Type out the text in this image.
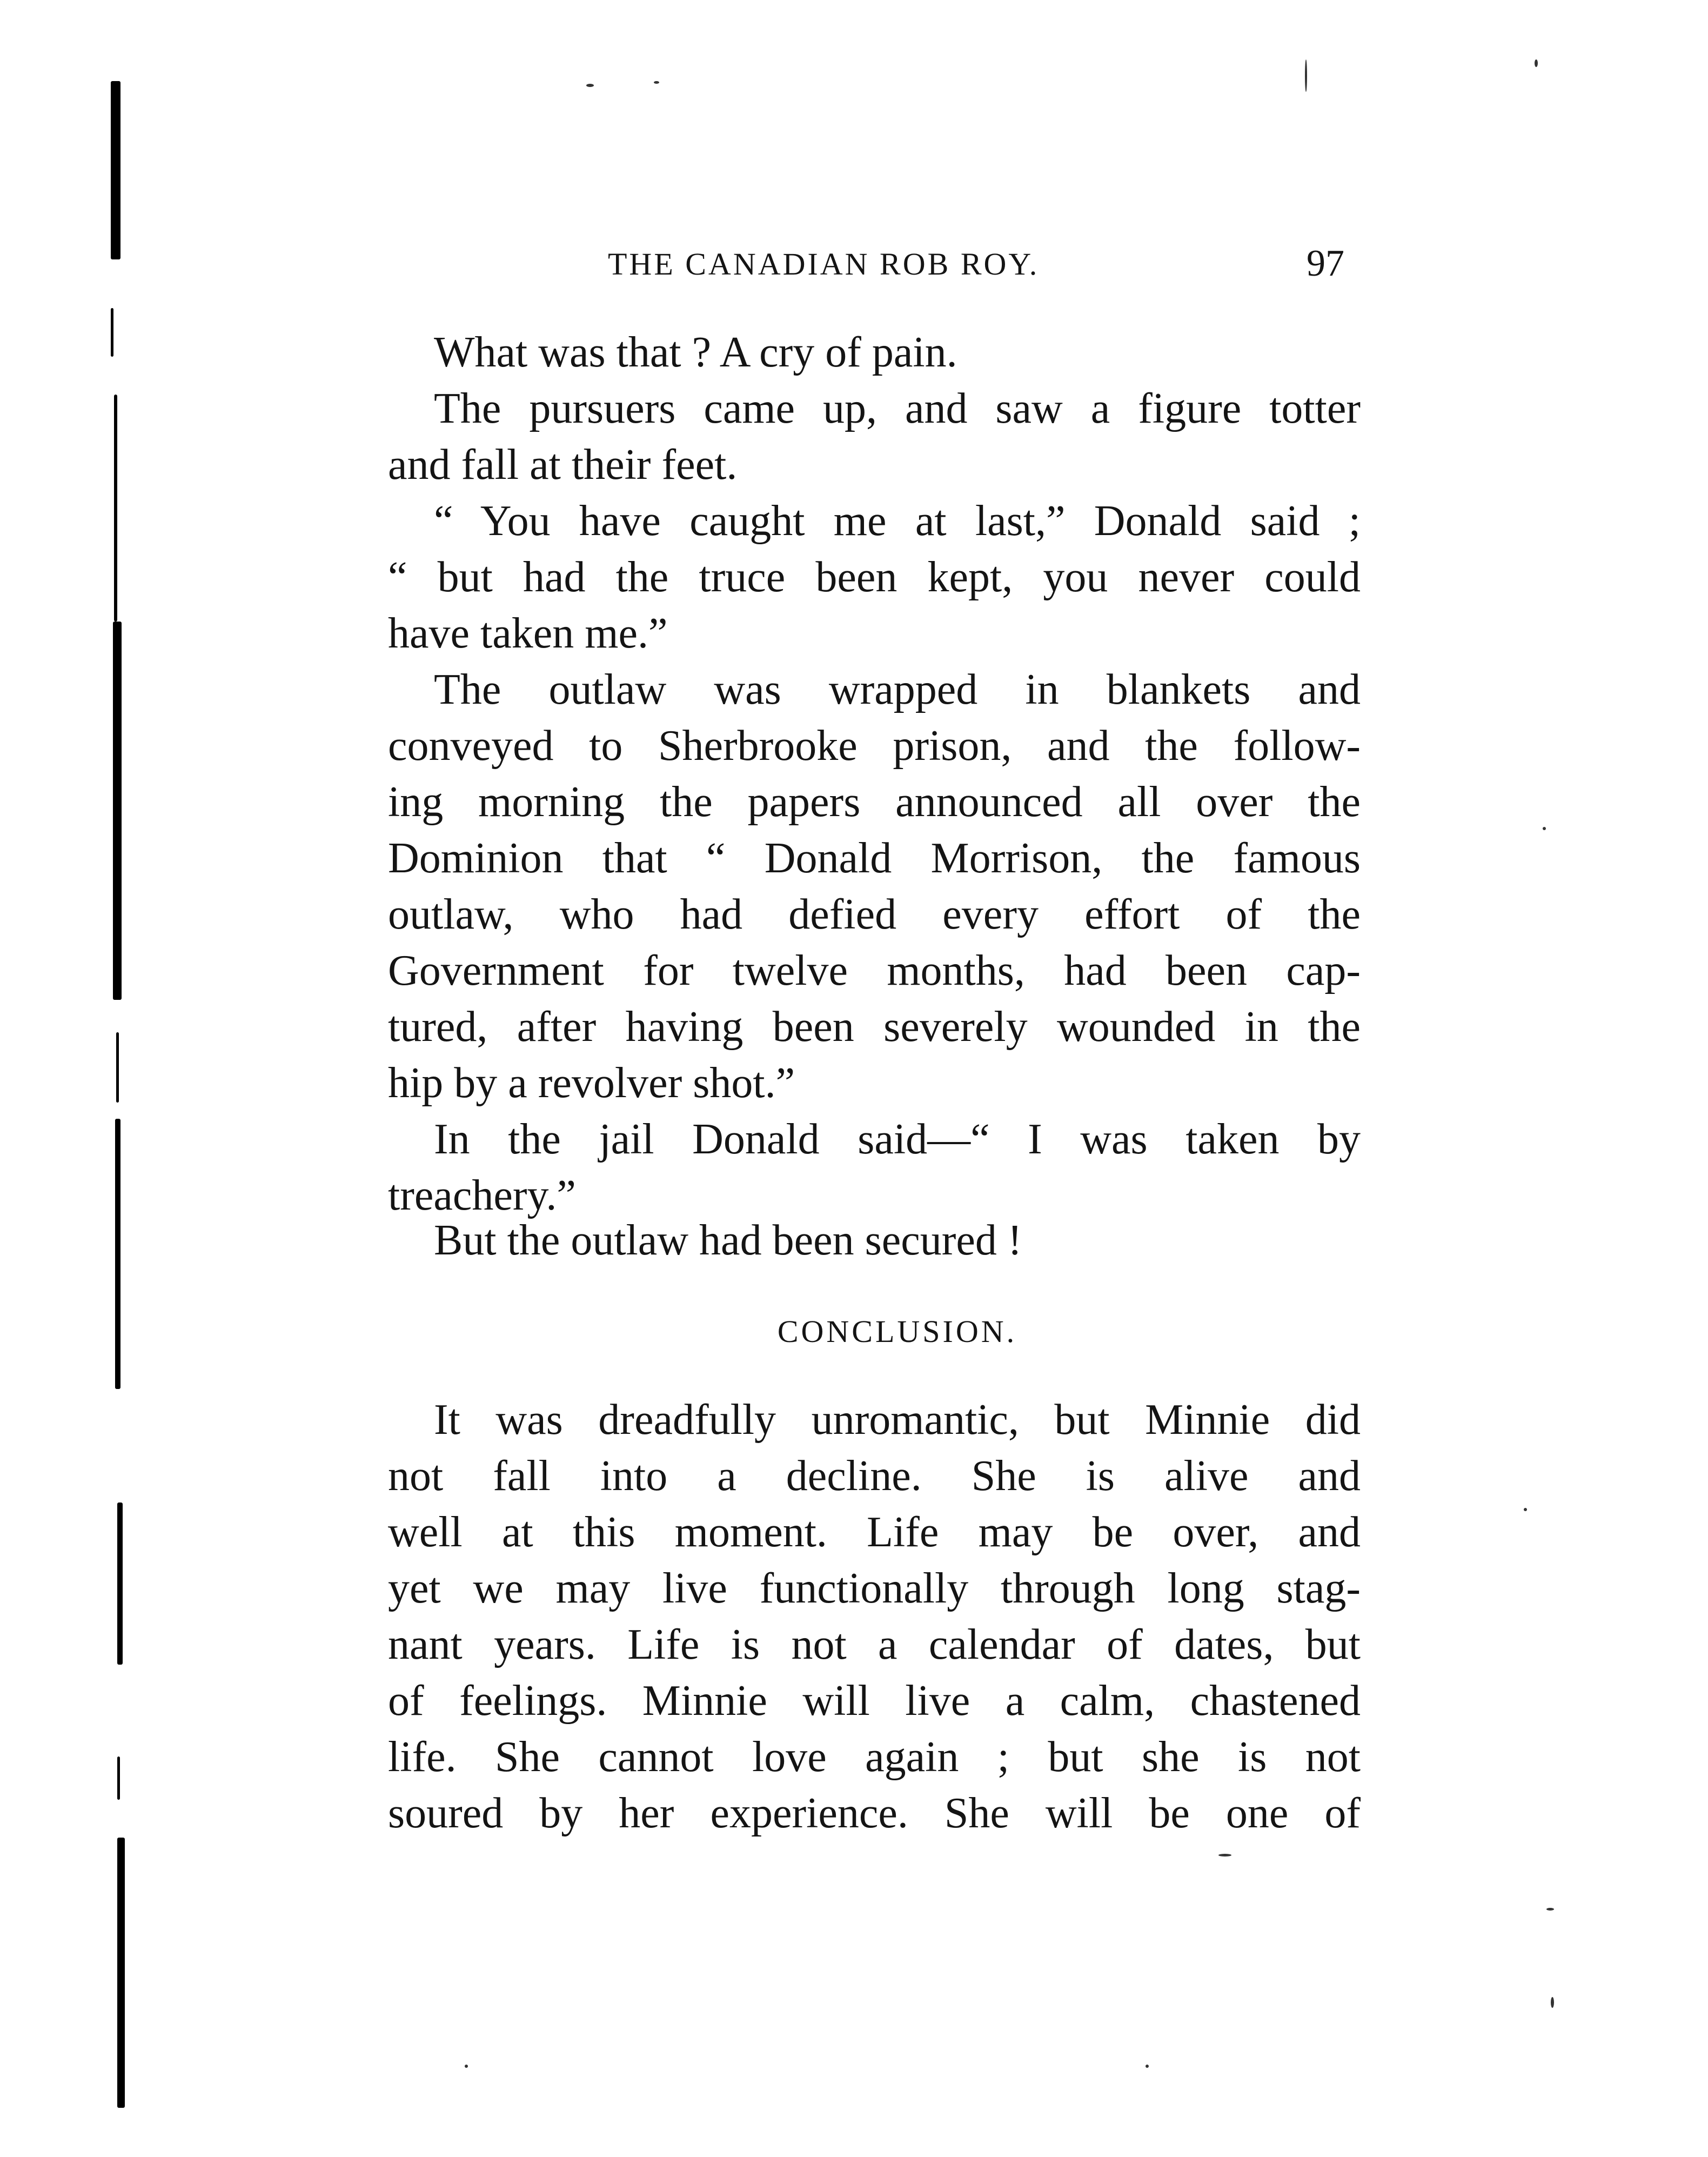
THE CANADIAN ROB ROY.	97
What was that ? A cry of pain.
The pursuers came up, and saw a figure totter
and fall at their feet.
“ You have caught me at last,” Donald said ;
“ but had the truce been kept, you never could
have taken me.”
The outlaw was wrapped in blankets and
conveyed to Sherbrooke prison, and the follow-
ing morning the papers announced all over the
Dominion that “ Donald Morrison, the famous
outlaw, who had defied every effort of the
Government for twelve months, had been cap-
tured, after having been severely wounded in the
hip by a revolver shot.”
In the jail Donald said—“ I was taken by
treachery.”
But the outlaw had been secured !
CONCLUSION.
It was dreadfully unromantic, but Minnie did
not fall into a decline. She is alive and
well at this moment. Life may be over, and
yet we may live functionally through long stag-
nant years. Life is not a calendar of dates, but
of feelings. Minnie will live a calm, chastened
life. She cannot love again ; but she is not
soured by her experience. She will be one of
